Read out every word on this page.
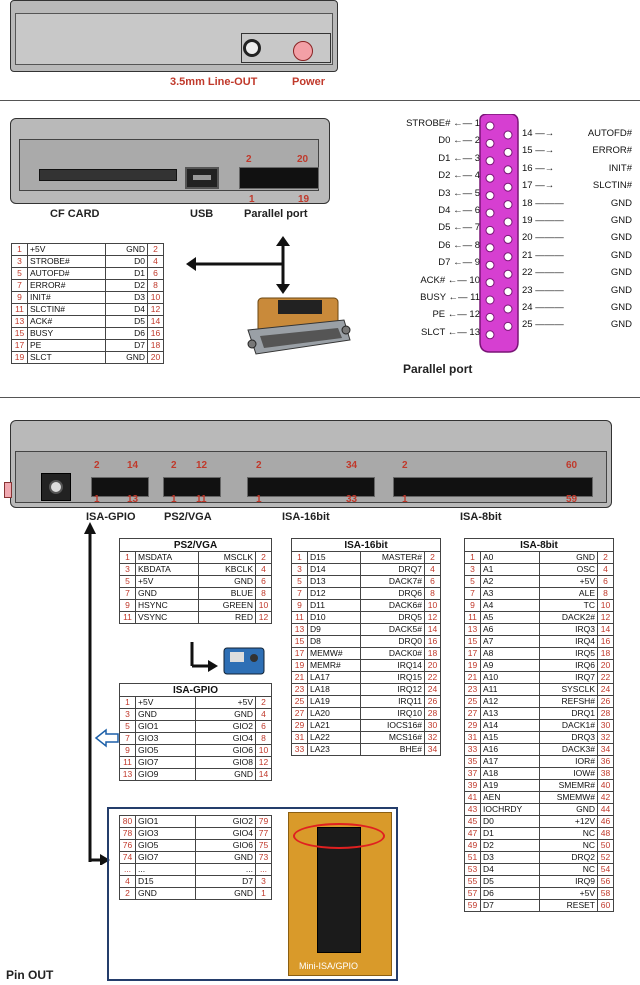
3.5mm Line-OUT	Power
2	20
1	19
CF CARD	USB	Parallel port
1	+5V	GND	2
3	STROBE#	D0	4
5	AUTOFD#	D1	6
7	ERROR#	D2	8
9	INIT#	D3	10
11	SLCTIN#	D4	12
13	ACK#	D5	14
15	BUSY	D6	16
17	PE	D7	18
19	SLCT	GND	20
STROBE# ←— 1
D0 ←— 2
D1 ←— 3
D2 ←— 4
D3 ←— 5
D4 ←— 6
D5 ←— 7
D6 ←— 8
D7 ←— 9
ACK# ←— 10
BUSY ←— 11
PE ←— 12
SLCT ←— 13
14 —→	AUTOFD#
15 —→	ERROR#
16 —→	INIT#
17 —→	SLCTIN#
18 ———	GND
19 ———	GND
20 ———	GND
21 ———	GND
22 ———	GND
23 ———	GND
24 ———	GND
25 ———	GND
Parallel port
2	14
1	13
2 12
1 11
2	34
1	33
2	60
1	59
ISA-GPIO	PS2/VGA	ISA-16bit	ISA-8bit
PS2/VGA			
1	MSDATA	MSCLK	2
3	KBDATA	KBCLK	4
5	+5V	GND	6
7	GND	BLUE	8
9	HSYNC	GREEN	10
11	VSYNC	RED	12
ISA-GPIO			
1	+5V	+5V	2
3	GND	GND	4
5	GIO1	GIO2	6
7	GIO3	GIO4	8
9	GIO5	GIO6	10
11	GIO7	GIO8	12
13	GIO9	GND	14
80	GIO1	GIO2	79
78	GIO3	GIO4	77
76	GIO5	GIO6	75
74	GIO7	GND	73
...	...	...	...
4	D15	D7	3
2	GND	GND	1
Mini-ISA/GPIO
ISA-16bit			
1	D15	MASTER#	2
3	D14	DRQ7	4
5	D13	DACK7#	6
7	D12	DRQ6	8
9	D11	DACK6#	10
11	D10	DRQ5	12
13	D9	DACK5#	14
15	D8	DRQ0	16
17	MEMW#	DACK0#	18
19	MEMR#	IRQ14	20
21	LA17	IRQ15	22
23	LA18	IRQ12	24
25	LA19	IRQ11	26
27	LA20	IRQ10	28
29	LA21	IOCS16#	30
31	LA22	MCS16#	32
33	LA23	BHE#	34
ISA-8bit			
1	A0	GND	2
3	A1	OSC	4
5	A2	+5V	6
7	A3	ALE	8
9	A4	TC	10
11	A5	DACK2#	12
13	A6	IRQ3	14
15	A7	IRQ4	16
17	A8	IRQ5	18
19	A9	IRQ6	20
21	A10	IRQ7	22
23	A11	SYSCLK	24
25	A12	REFSH#	26
27	A13	DRQ1	28
29	A14	DACK1#	30
31	A15	DRQ3	32
33	A16	DACK3#	34
35	A17	IOR#	36
37	A18	IOW#	38
39	A19	SMEMR#	40
41	AEN	SMEMW#	42
43	IOCHRDY	GND	44
45	D0	+12V	46
47	D1	NC	48
49	D2	NC	50
51	D3	DRQ2	52
53	D4	NC	54
55	D5	IRQ9	56
57	D6	+5V	58
59	D7	RESET	60
Pin OUT
